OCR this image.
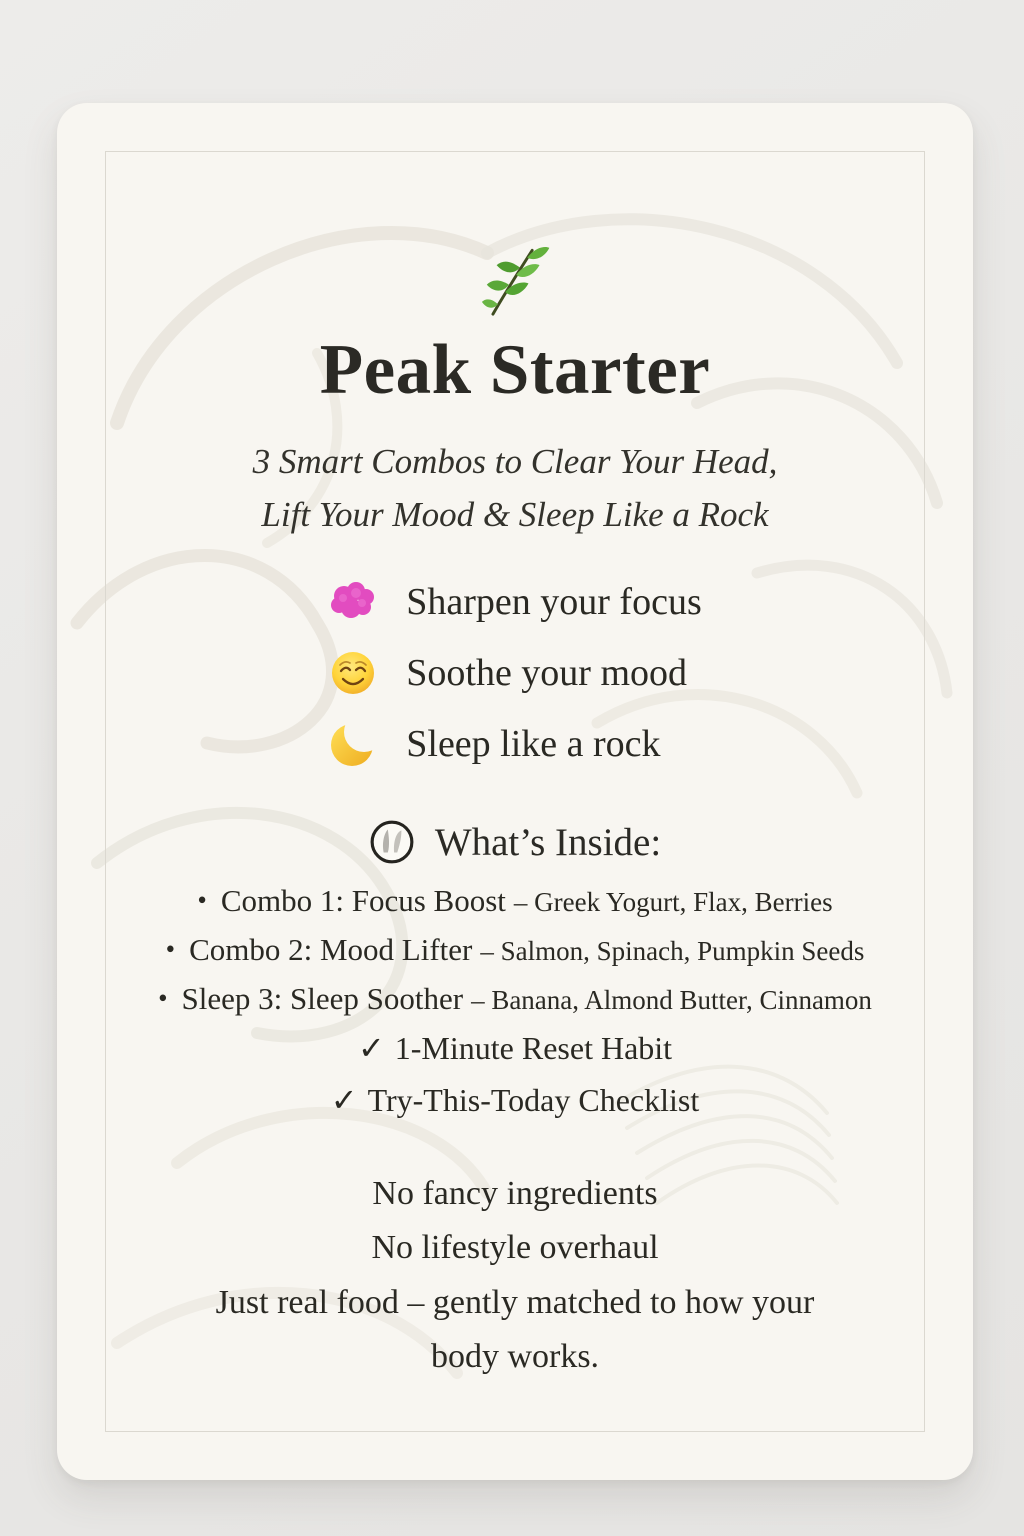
Peak Starter
3 Smart Combos to Clear Your Head,
Lift Your Mood & Sleep Like a Rock
Sharpen your focus
Soothe your mood
Sleep like a rock
What’s Inside:
• Combo 1: Focus Boost – Greek Yogurt, Flax, Berries
• Combo 2: Mood Lifter – Salmon, Spinach, Pumpkin Seeds
• Sleep 3: Sleep Soother – Banana, Almond Butter, Cinnamon
✓ 1-Minute Reset Habit
✓ Try-This-Today Checklist
No fancy ingredients
No lifestyle overhaul
Just real food – gently matched to how your
body works.
